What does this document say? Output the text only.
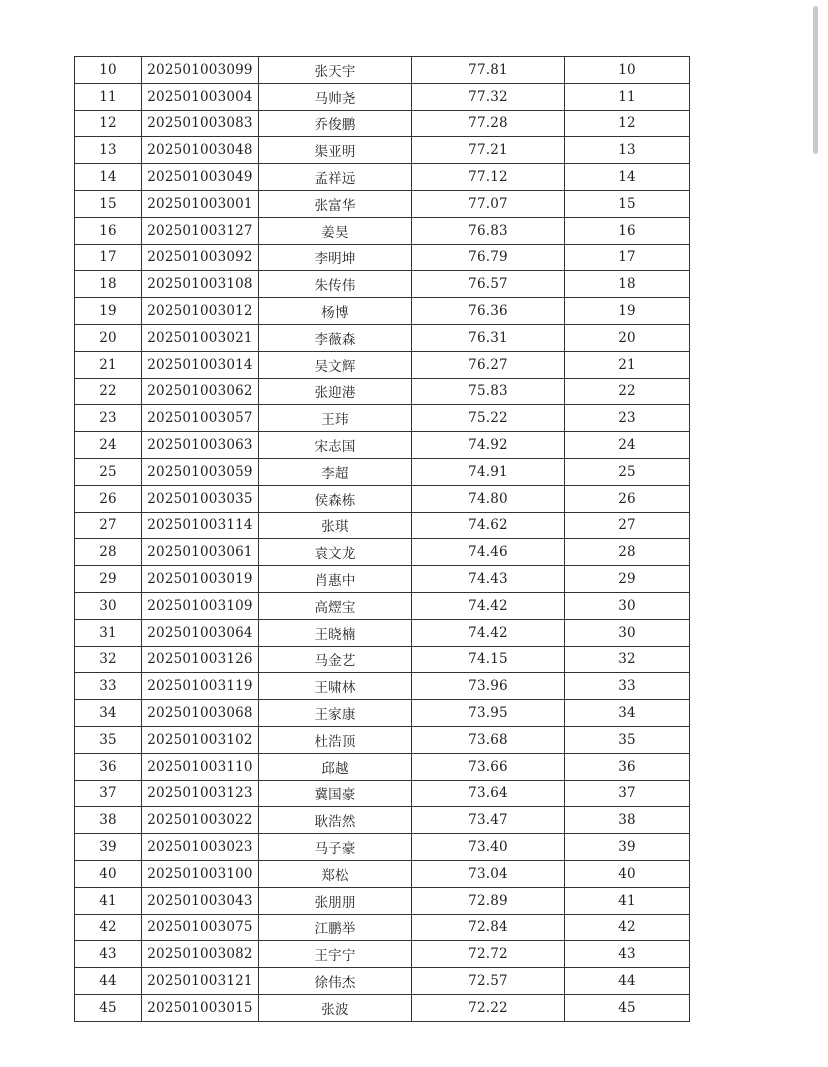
10	202501003099	张天宇	77.81	10
11	202501003004	马帅尧	77.32	11
12	202501003083	乔俊鹏	77.28	12
13	202501003048	渠亚明	77.21	13
14	202501003049	孟祥远	77.12	14
15	202501003001	张富华	77.07	15
16	202501003127	姜昊	76.83	16
17	202501003092	李明坤	76.79	17
18	202501003108	朱传伟	76.57	18
19	202501003012	杨博	76.36	19
20	202501003021	李薇森	76.31	20
21	202501003014	吴文辉	76.27	21
22	202501003062	张迎港	75.83	22
23	202501003057	王玮	75.22	23
24	202501003063	宋志国	74.92	24
25	202501003059	李超	74.91	25
26	202501003035	侯森栋	74.80	26
27	202501003114	张琪	74.62	27
28	202501003061	袁文龙	74.46	28
29	202501003019	肖惠中	74.43	29
30	202501003109	高熤宝	74.42	30
31	202501003064	王晓楠	74.42	30
32	202501003126	马金艺	74.15	32
33	202501003119	王啸林	73.96	33
34	202501003068	王家康	73.95	34
35	202501003102	杜浩顶	73.68	35
36	202501003110	邱越	73.66	36
37	202501003123	冀国豪	73.64	37
38	202501003022	耿浩然	73.47	38
39	202501003023	马子豪	73.40	39
40	202501003100	郑松	73.04	40
41	202501003043	张朋朋	72.89	41
42	202501003075	江鹏举	72.84	42
43	202501003082	王宇宁	72.72	43
44	202501003121	徐伟杰	72.57	44
45	202501003015	张波	72.22	45
